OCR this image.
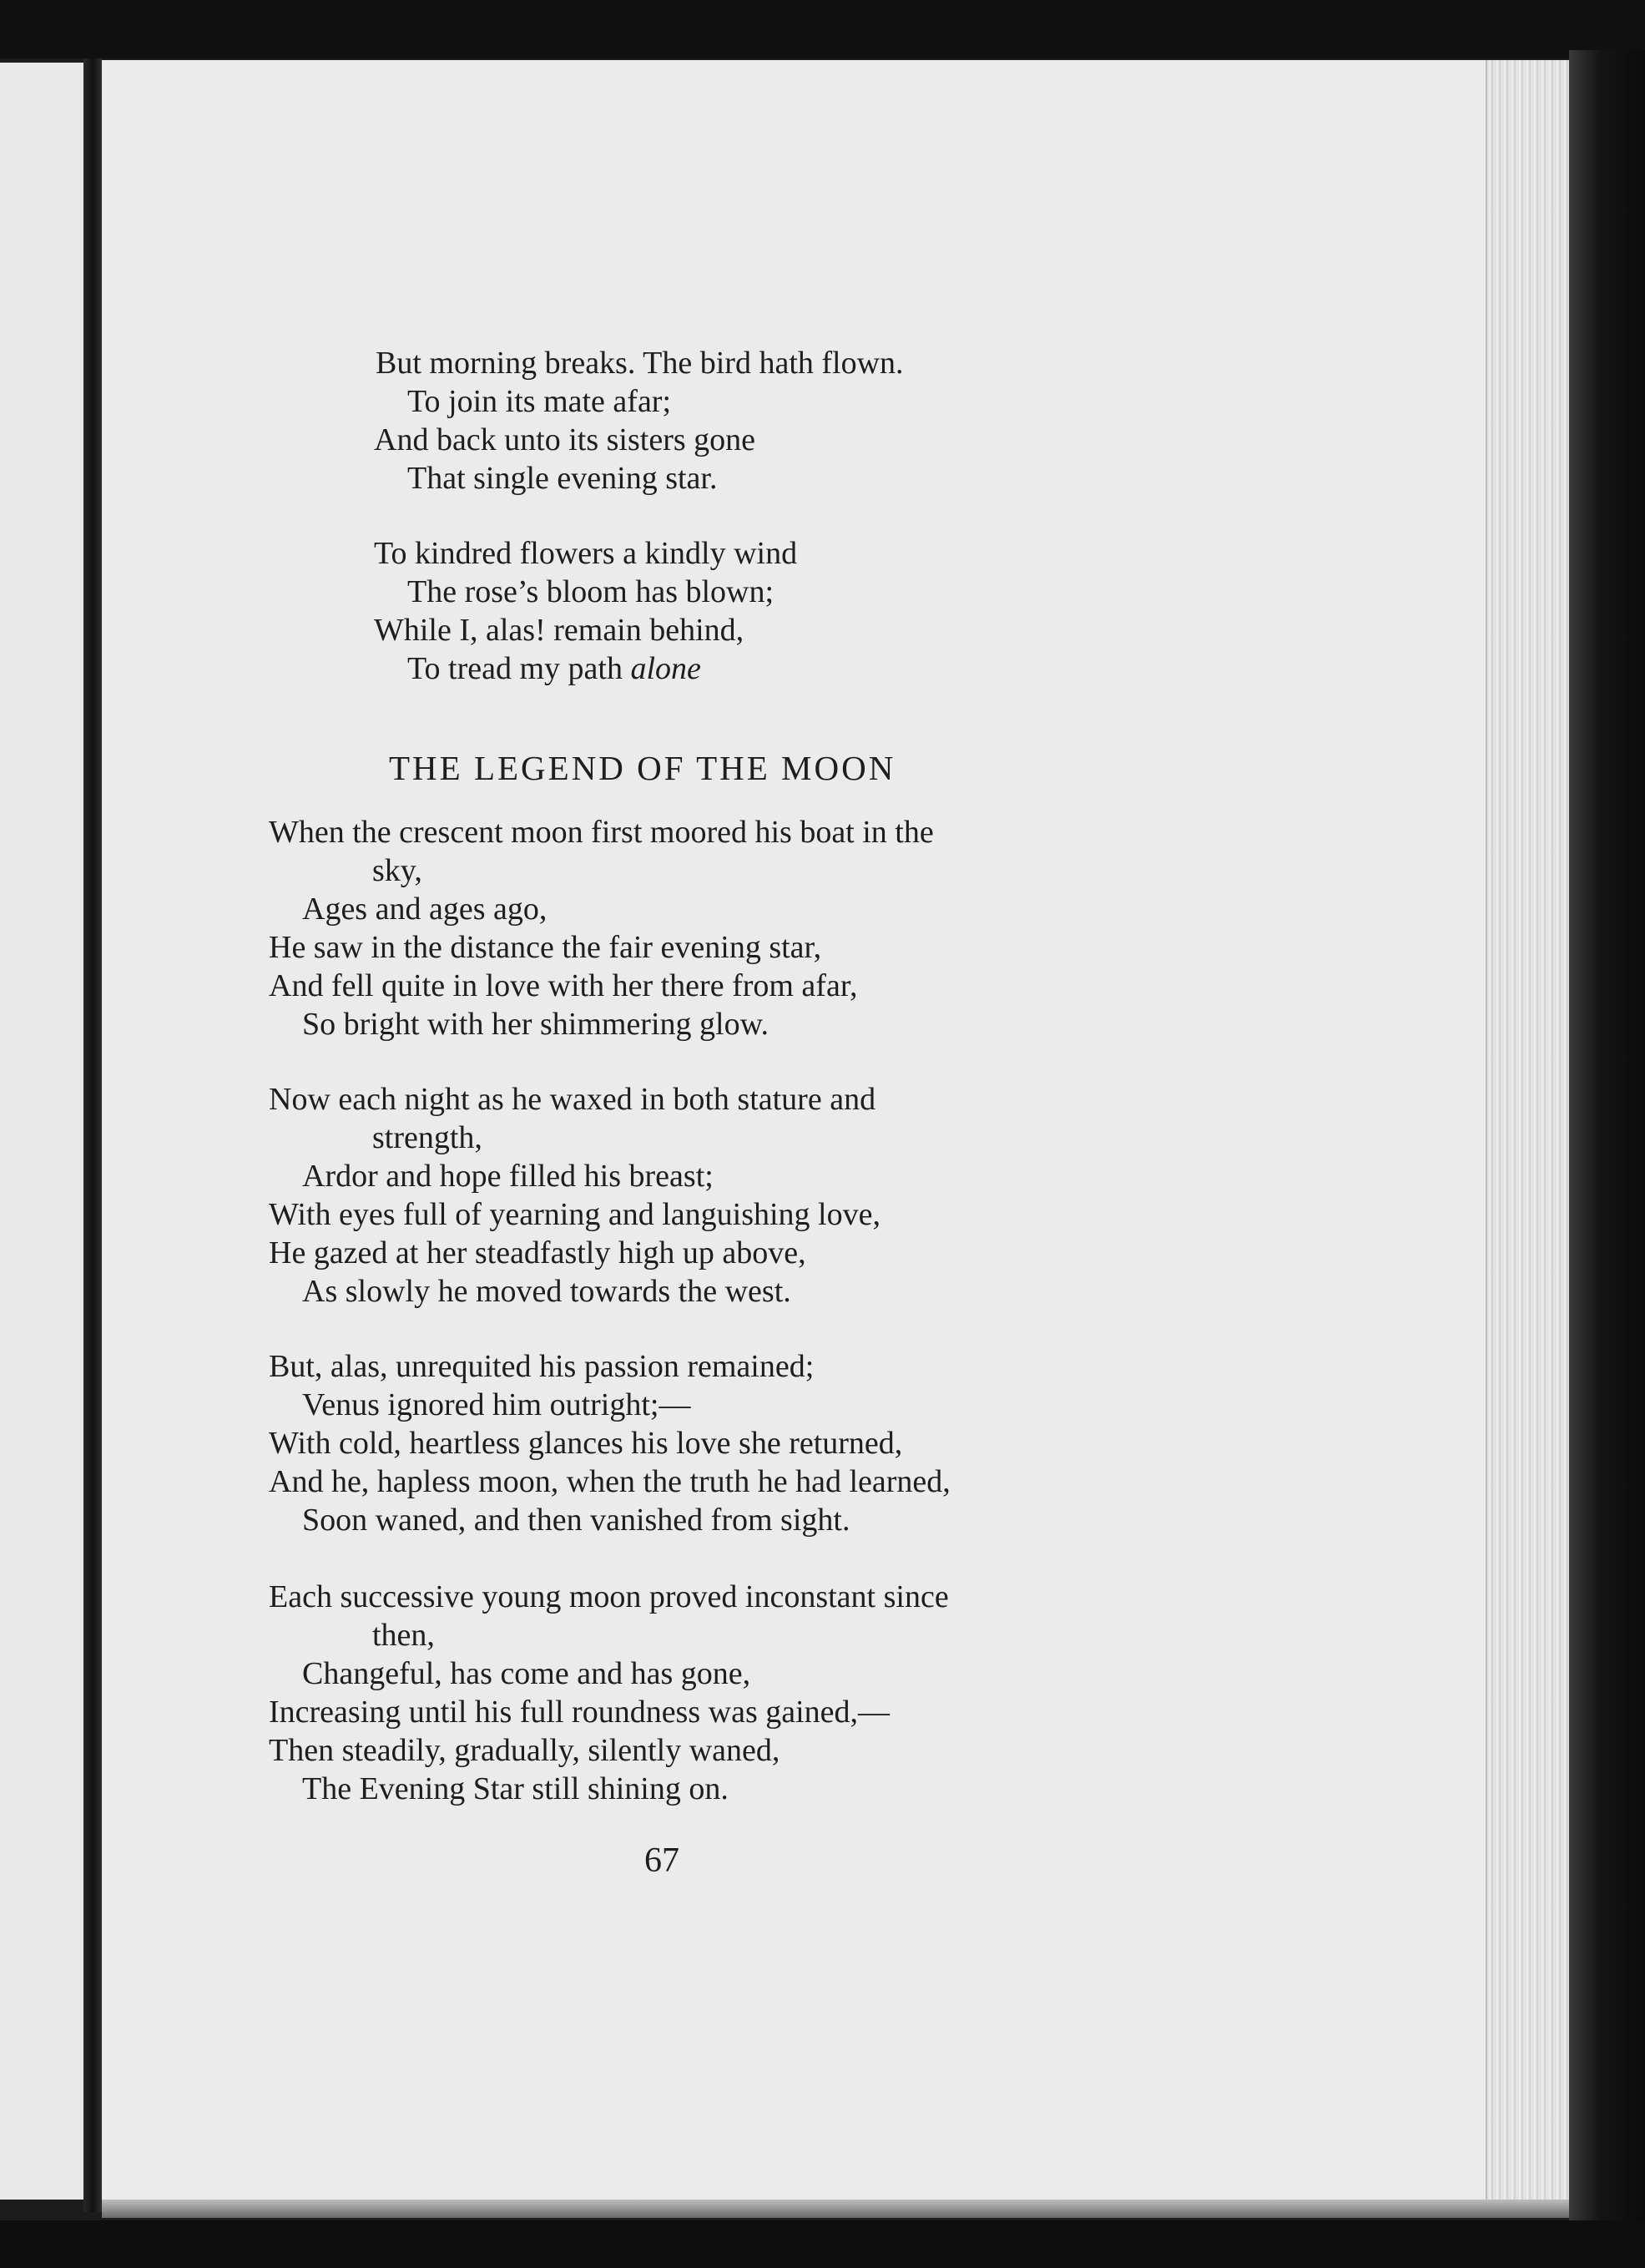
But morning breaks. The bird hath flown.
To join its mate afar;
And back unto its sisters gone
That single evening star.
To kindred flowers a kindly wind
The rose’s bloom has blown;
While I, alas! remain behind,
To tread my path alone
THE LEGEND OF THE MOON
When the crescent moon first moored his boat in the
sky,
Ages and ages ago,
He saw in the distance the fair evening star,
And fell quite in love with her there from afar,
So bright with her shimmering glow.
Now each night as he waxed in both stature and
strength,
Ardor and hope filled his breast;
With eyes full of yearning and languishing love,
He gazed at her steadfastly high up above,
As slowly he moved towards the west.
But, alas, unrequited his passion remained;
Venus ignored him outright;—
With cold, heartless glances his love she returned,
And he, hapless moon, when the truth he had learned,
Soon waned, and then vanished from sight.
Each successive young moon proved inconstant since
then,
Changeful, has come and has gone,
Increasing until his full roundness was gained,—
Then steadily, gradually, silently waned,
The Evening Star still shining on.
67
